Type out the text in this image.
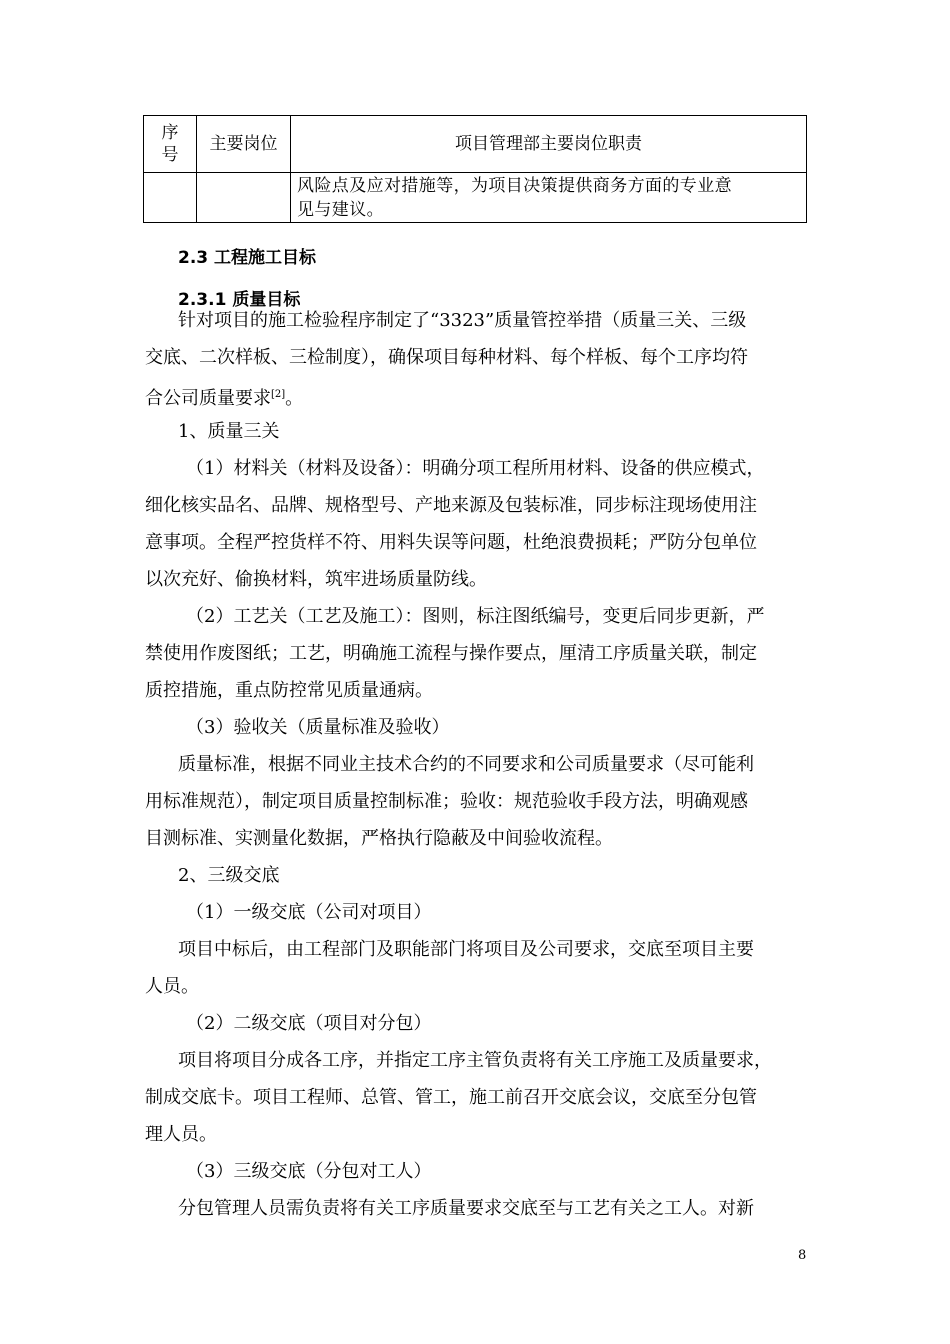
序
号	主要岗位	项目管理部主要岗位职责

		风险点及应对措施等，为项目决策提供商务方面的专业意
见与建议。
2.3 工程施工目标
2.3.1 质量目标
针对项目的施工检验程序制定了“3323”质量管控举措（质量三关、三级
交底、二次样板、三检制度），确保项目每种材料、每个样板、每个工序均符
合公司质量要求[2]。
1、质量三关
（1）材料关（材料及设备）：明确分项工程所用材料、设备的供应模式，
细化核实品名、品牌、规格型号、产地来源及包装标准，同步标注现场使用注
意事项。全程严控货样不符、用料失误等问题，杜绝浪费损耗；严防分包单位
以次充好、偷换材料，筑牢进场质量防线。
（2）工艺关（工艺及施工）：图则，标注图纸编号，变更后同步更新，严
禁使用作废图纸；工艺，明确施工流程与操作要点，厘清工序质量关联，制定
质控措施，重点防控常见质量通病。
（3）验收关（质量标准及验收）
质量标准，根据不同业主技术合约的不同要求和公司质量要求（尽可能利
用标准规范），制定项目质量控制标准；验收：规范验收手段方法，明确观感
目测标准、实测量化数据，严格执行隐蔽及中间验收流程。
2、三级交底
（1）一级交底（公司对项目）
项目中标后，由工程部门及职能部门将项目及公司要求，交底至项目主要
人员。
（2）二级交底（项目对分包）
项目将项目分成各工序，并指定工序主管负责将有关工序施工及质量要求，
制成交底卡。项目工程师、总管、管工，施工前召开交底会议，交底至分包管
理人员。
（3）三级交底（分包对工人）
分包管理人员需负责将有关工序质量要求交底至与工艺有关之工人。对新
8
